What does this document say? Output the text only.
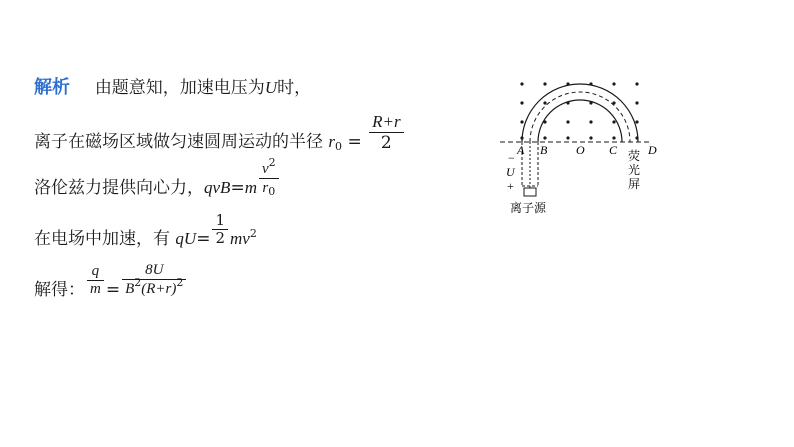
解析 由题意知，加速电压为U时，
离子在磁场区域做匀速圆周运动的半径 $r_0 = \frac{R+r}{2}$
洛伦兹力提供向心力，$qvB=m \frac{v^2}{r_0}$
在电场中加速，有 $qU= \frac{1}{2} mv^2$
解得： $\frac{q}{m} = \frac{8U}{B^2(R+r)^2}$
A B O C	D
−
U
+
荧
光
屏
离子源
